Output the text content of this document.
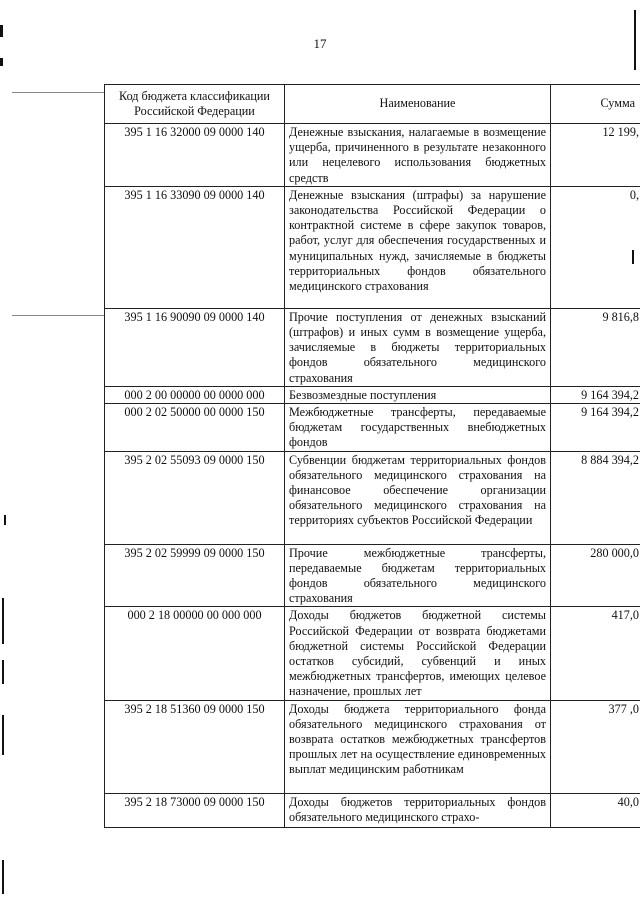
17
Код бюджета классификации Российской Федерации	Наименование	Сумма
395 1 16 32000 09 0000 140	Денежные взыскания, налагаемые в возмещение ущерба, причиненного в результате незаконного или нецелевого использования бюджетных средств	12 199,
395 1 16 33090 09 0000 140	Денежные взыскания (штрафы) за нарушение законодательства Российской Федерации о контрактной системе в сфере закупок товаров, работ, услуг для обеспечения государственных и муниципальных нужд, зачисляемые в бюджеты территориальных фондов обязательного медицинского страхования	0,
395 1 16 90090 09 0000 140	Прочие поступления от денежных взысканий (штрафов) и иных сумм в возмещение ущерба, зачисляемые в бюджеты территориальных фондов обязательного медицинского страхования	9 816,8
000 2 00 00000 00 0000 000	Безвозмездные поступления	9 164 394,2
000 2 02 50000 00 0000 150	Межбюджетные трансферты, передаваемые бюджетам государственных внебюджетных фондов	9 164 394,2
395 2 02 55093 09 0000 150	Субвенции бюджетам территориальных фондов обязательного медицинского страхования на финансовое обеспечение организации обязательного медицинского страхования на территориях субъектов Российской Федерации	8 884 394,2
395 2 02 59999 09 0000 150	Прочие межбюджетные трансферты, передаваемые бюджетам территориальных фондов обязательного медицинского страхования	280 000,0
000 2 18 00000 00 000 000	Доходы бюджетов бюджетной системы Российской Федерации от возврата бюджетами бюджетной системы Российской Федерации остатков субсидий, субвенций и иных межбюджетных трансфертов, имеющих целевое назначение, прошлых лет	417,0
395 2 18 51360 09 0000 150	Доходы бюджета территориального фонда обязательного медицинского страхования от возврата остатков межбюджетных трансфертов прошлых лет на осуществление единовременных выплат медицинским работникам	377 ,0
395 2 18 73000 09 0000 150	Доходы бюджетов территориальных фондов обязательного медицинского страхо-	40,0
